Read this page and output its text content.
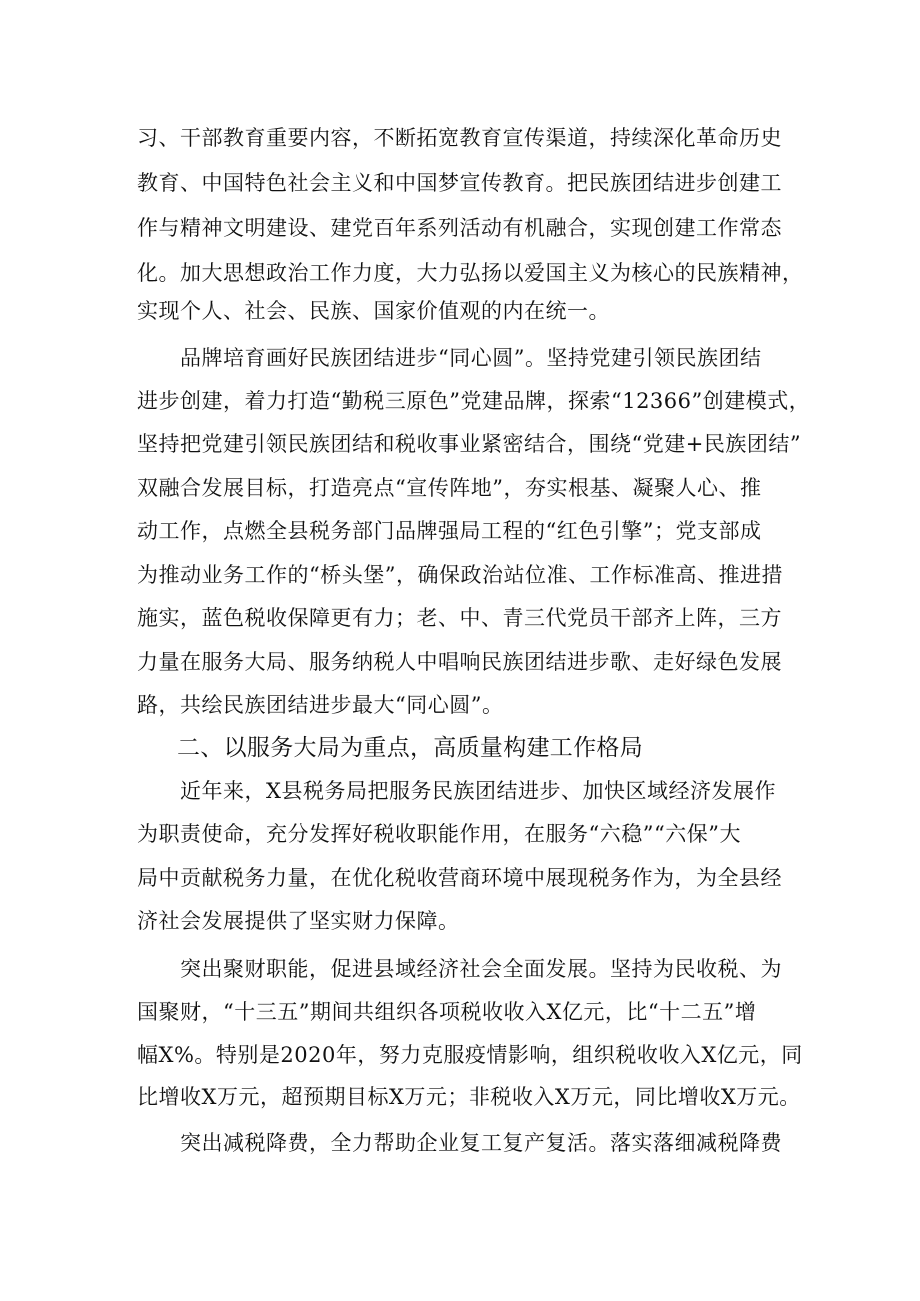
习、干部教育重要内容，不断拓宽教育宣传渠道，持续深化革命历史
教育、中国特色社会主义和中国梦宣传教育。把民族团结进步创建工
作与精神文明建设、建党百年系列活动有机融合，实现创建工作常态
化。加大思想政治工作力度，大力弘扬以爱国主义为核心的民族精神，
实现个人、社会、民族、国家价值观的内在统一。
品牌培育画好民族团结进步“同心圆”。坚持党建引领民族团结
进步创建，着力打造“勤税三原色”党建品牌，探索“12366”创建模式，
坚持把党建引领民族团结和税收事业紧密结合，围绕“党建+民族团结”
双融合发展目标，打造亮点“宣传阵地”，夯实根基、凝聚人心、推
动工作，点燃全县税务部门品牌强局工程的“红色引擎”；党支部成
为推动业务工作的“桥头堡”，确保政治站位准、工作标准高、推进措
施实，蓝色税收保障更有力；老、中、青三代党员干部齐上阵，三方
力量在服务大局、服务纳税人中唱响民族团结进步歌、走好绿色发展
路，共绘民族团结进步最大“同心圆”。
二、以服务大局为重点，高质量构建工作格局
近年来，X县税务局把服务民族团结进步、加快区域经济发展作
为职责使命，充分发挥好税收职能作用，在服务“六稳”“六保”大
局中贡献税务力量，在优化税收营商环境中展现税务作为，为全县经
济社会发展提供了坚实财力保障。
突出聚财职能，促进县域经济社会全面发展。坚持为民收税、为
国聚财，“十三五”期间共组织各项税收收入X亿元，比“十二五”增
幅X%。特别是2020年，努力克服疫情影响，组织税收收入X亿元，同
比增收X万元，超预期目标X万元；非税收入X万元，同比增收X万元。
突出减税降费，全力帮助企业复工复产复活。落实落细减税降费
